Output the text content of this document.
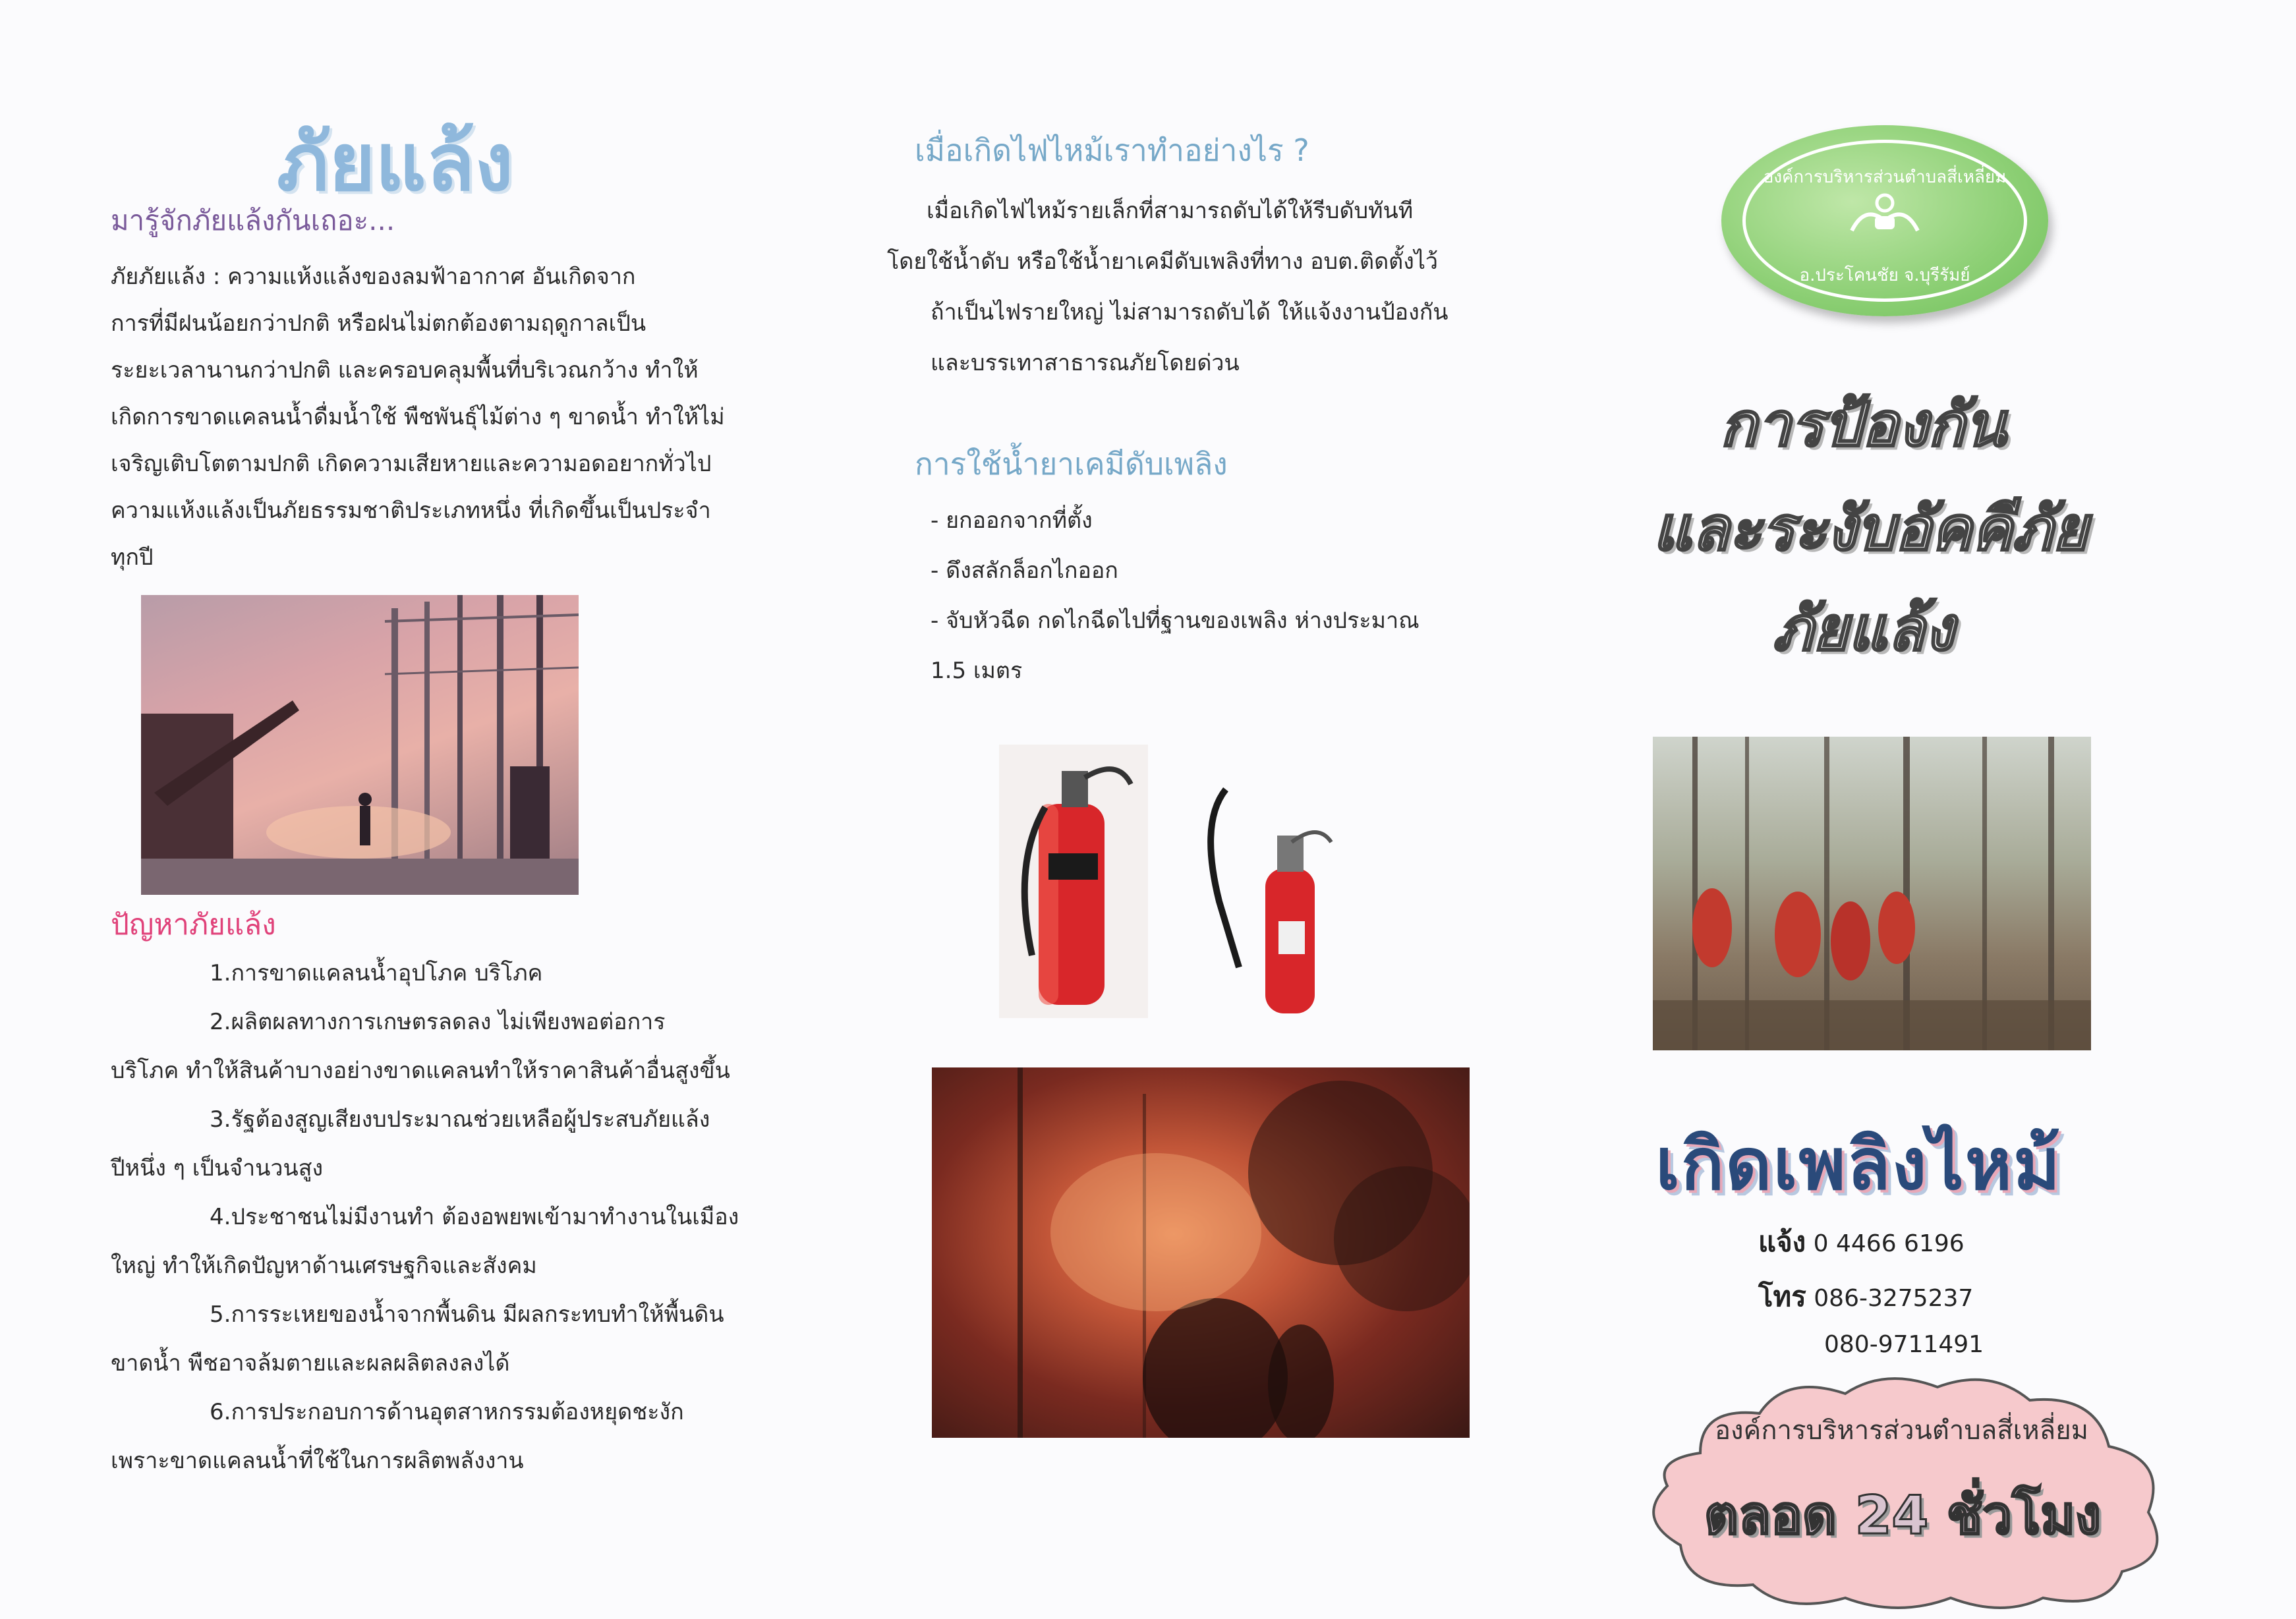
ภัยแล้ง

มารู้จักภัยแล้งกันเถอะ...

ภัยภัยแล้ง : ความแห้งแล้งของลมฟ้าอากาศ อันเกิดจาก
การที่มีฝนน้อยกว่าปกติ หรือฝนไม่ตกต้องตามฤดูกาลเป็น
ระยะเวลานานกว่าปกติ และครอบคลุมพื้นที่บริเวณกว้าง ทำให้
เกิดการขาดแคลนน้ำดื่มน้ำใช้ พืชพันธุ์ไม้ต่าง ๆ ขาดน้ำ ทำให้ไม่
เจริญเติบโตตามปกติ เกิดความเสียหายและความอดอยากทั่วไป
ความแห้งแล้งเป็นภัยธรรมชาติประเภทหนึ่ง ที่เกิดขึ้นเป็นประจำ
ทุกปี

ปัญหาภัยแล้ง

1.การขาดแคลนน้ำอุปโภค บริโภค
2.ผลิตผลทางการเกษตรลดลง ไม่เพียงพอต่อการ
บริโภค ทำให้สินค้าบางอย่างขาดแคลนทำให้ราคาสินค้าอื่นสูงขึ้น
3.รัฐต้องสูญเสียงบประมาณช่วยเหลือผู้ประสบภัยแล้ง
ปีหนึ่ง ๆ เป็นจำนวนสูง
4.ประชาชนไม่มีงานทำ ต้องอพยพเข้ามาทำงานในเมือง
ใหญ่ ทำให้เกิดปัญหาด้านเศรษฐกิจและสังคม
5.การระเหยของน้ำจากพื้นดิน มีผลกระทบทำให้พื้นดิน
ขาดน้ำ พืชอาจล้มตายและผลผลิตลงลงได้
6.การประกอบการด้านอุตสาหกรรมต้องหยุดชะงัก
เพราะขาดแคลนน้ำที่ใช้ในการผลิตพลังงาน

เมื่อเกิดไฟไหม้เราทำอย่างไร ?

เมื่อเกิดไฟไหม้รายเล็กที่สามารถดับได้ให้รีบดับทันที
โดยใช้น้ำดับ หรือใช้น้ำยาเคมีดับเพลิงที่ทาง อบต.ติดตั้งไว้
ถ้าเป็นไฟรายใหญ่ ไม่สามารถดับได้ ให้แจ้งงานป้องกัน
และบรรเทาสาธารณภัยโดยด่วน

การใช้น้ำยาเคมีดับเพลิง

- ยกออกจากที่ตั้ง
- ดึงสลักล็อกไกออก
- จับหัวฉีด กดไกฉีดไปที่ฐานของเพลิง ห่างประมาณ
1.5 เมตร
องค์การบริหารส่วนตำบลสี่เหลี่ยม
อ.ประโคนชัย จ.บุรีรัมย์

การป้องกัน

และระงับอัคคีภัย

ภัยแล้ง

เกิดเพลิงไหม้

แจ้ง 0 4466 6196

โทร 086-3275237

080-9711491

องค์การบริหารส่วนตำบลสี่เหลี่ยม

ตลอด 24 ชั่วโมง
